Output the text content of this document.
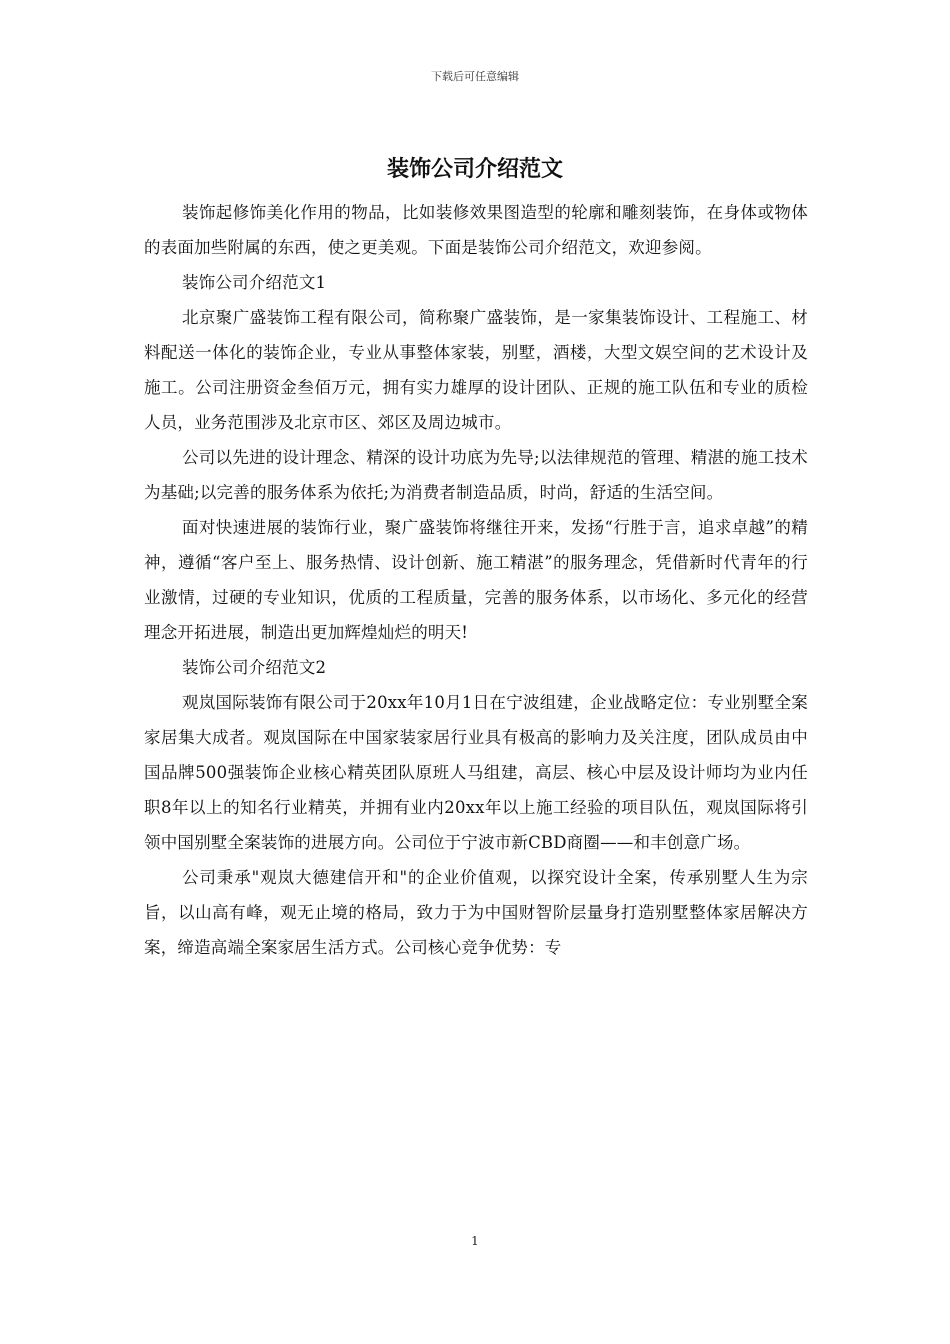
下载后可任意编辑
装饰公司介绍范文

装饰起修饰美化作用的物品，比如装修效果图造型的轮廓和雕刻装饰，在身体或物体的表面加些附属的东西，使之更美观。下面是装饰公司介绍范文，欢迎参阅。

装饰公司介绍范文1

北京聚广盛装饰工程有限公司，简称聚广盛装饰，是一家集装饰设计、工程施工、材料配送一体化的装饰企业，专业从事整体家装，别墅，酒楼，大型文娱空间的艺术设计及施工。公司注册资金叁佰万元，拥有实力雄厚的设计团队、正规的施工队伍和专业的质检人员，业务范围涉及北京市区、郊区及周边城市。

公司以先进的设计理念、精深的设计功底为先导;以法律规范的管理、精湛的施工技术为基础;以完善的服务体系为依托;为消费者制造品质，时尚，舒适的生活空间。

面对快速进展的装饰行业，聚广盛装饰将继往开来，发扬“行胜于言，追求卓越”的精神，遵循“客户至上、服务热情、设计创新、施工精湛”的服务理念，凭借新时代青年的行业激情，过硬的专业知识，优质的工程质量，完善的服务体系，以市场化、多元化的经营理念开拓进展，制造出更加辉煌灿烂的明天!

装饰公司介绍范文2

观岚国际装饰有限公司于20xx年10月1日在宁波组建，企业战略定位：专业别墅全案家居集大成者。观岚国际在中国家装家居行业具有极高的影响力及关注度，团队成员由中国品牌500强装饰企业核心精英团队原班人马组建，高层、核心中层及设计师均为业内任职8年以上的知名行业精英，并拥有业内20xx年以上施工经验的项目队伍，观岚国际将引领中国别墅全案装饰的进展方向。公司位于宁波市新CBD商圈——和丰创意广场。

公司秉承"观岚大德建信开和"的企业价值观，以探究设计全案，传承别墅人生为宗旨，以山高有峰，观无止境的格局，致力于为中国财智阶层量身打造别墅整体家居解决方案，缔造高端全案家居生活方式。公司核心竞争优势：专

1
